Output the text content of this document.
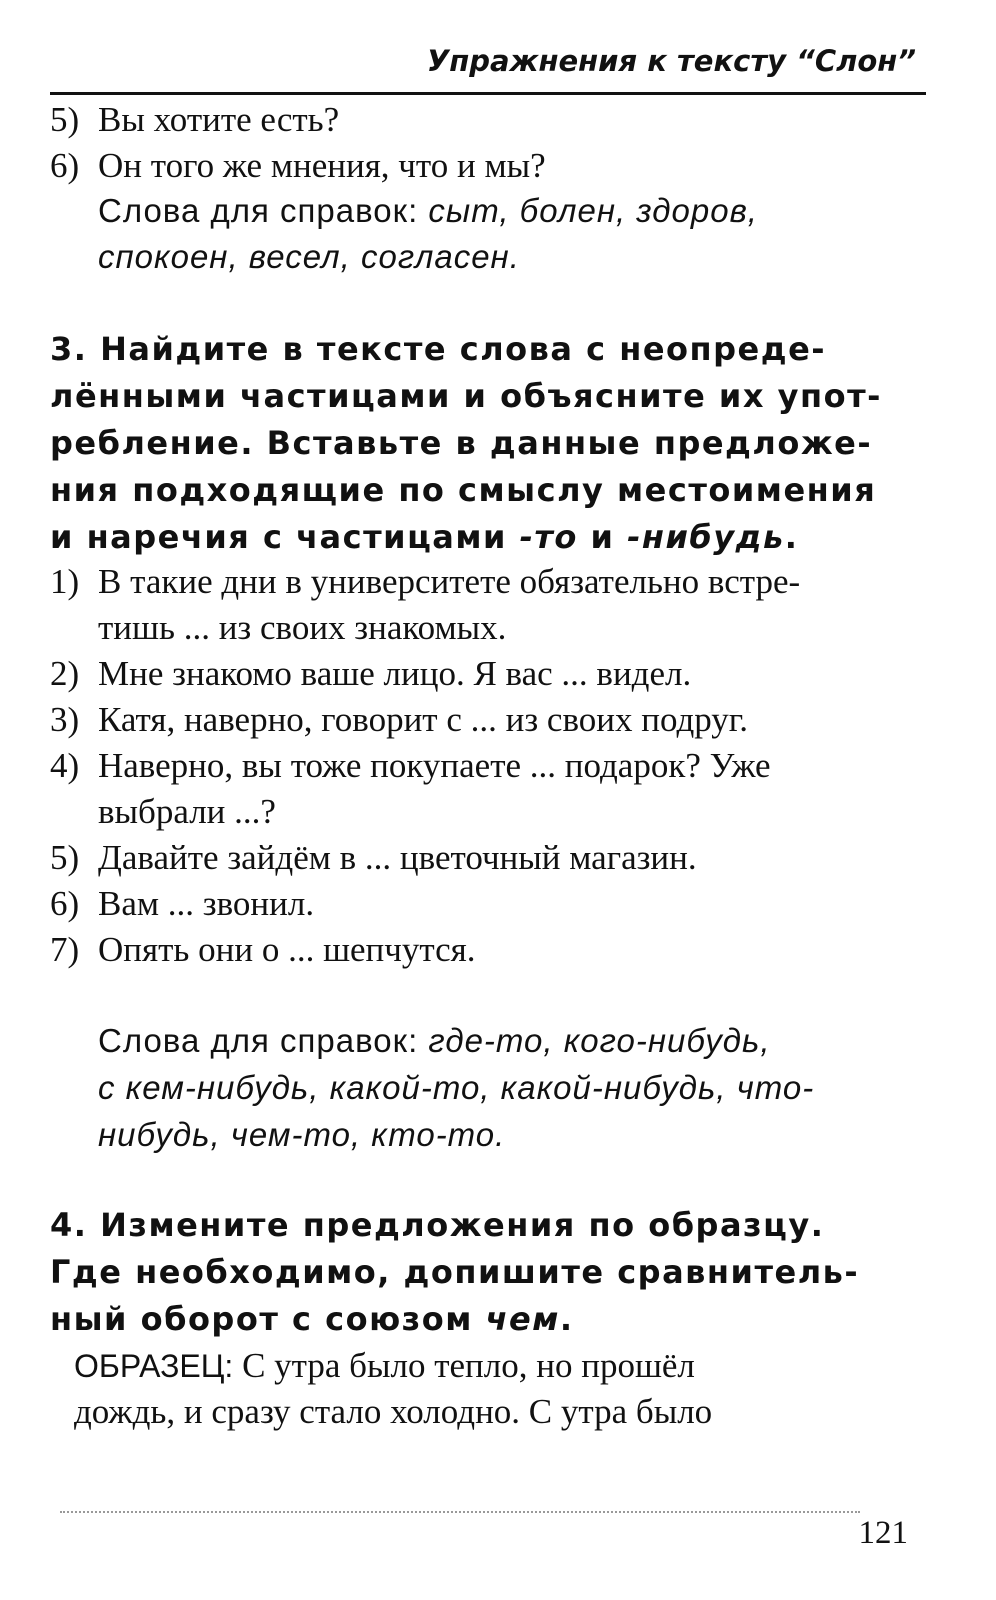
Упражнения к тексту “Слон”
5) Вы хотите есть?
6) Он того же мнения, что и мы?
Слова для справок: сыт, болен, здоров,
спокоен, весел, согласен.
3. Найдите в тексте слова с неопреде-
лёнными частицами и объясните их упот-
ребление. Вставьте в данные предложе-
ния подходящие по смыслу местоимения
и наречия с частицами -то и -нибудь.
1) В такие дни в университете обязательно встре-
тишь ... из своих знакомых.
2) Мне знакомо ваше лицо. Я вас ... видел.
3) Катя, наверно, говорит с ... из своих подруг.
4) Наверно, вы тоже покупаете ... подарок? Уже
выбрали ...?
5) Давайте зайдём в ... цветочный магазин.
6) Вам ... звонил.
7) Опять они о ... шепчутся.
Слова для справок: где-то, кого-нибудь,
с кем-нибудь, какой-то, какой-нибудь, что-
нибудь, чем-то, кто-то.
4. Измените предложения по образцу.
Где необходимо, допишите сравнитель-
ный оборот с союзом чем.
ОБРАЗЕЦ: С утра было тепло, но прошёл
дождь, и сразу стало холодно. С утра было
121
